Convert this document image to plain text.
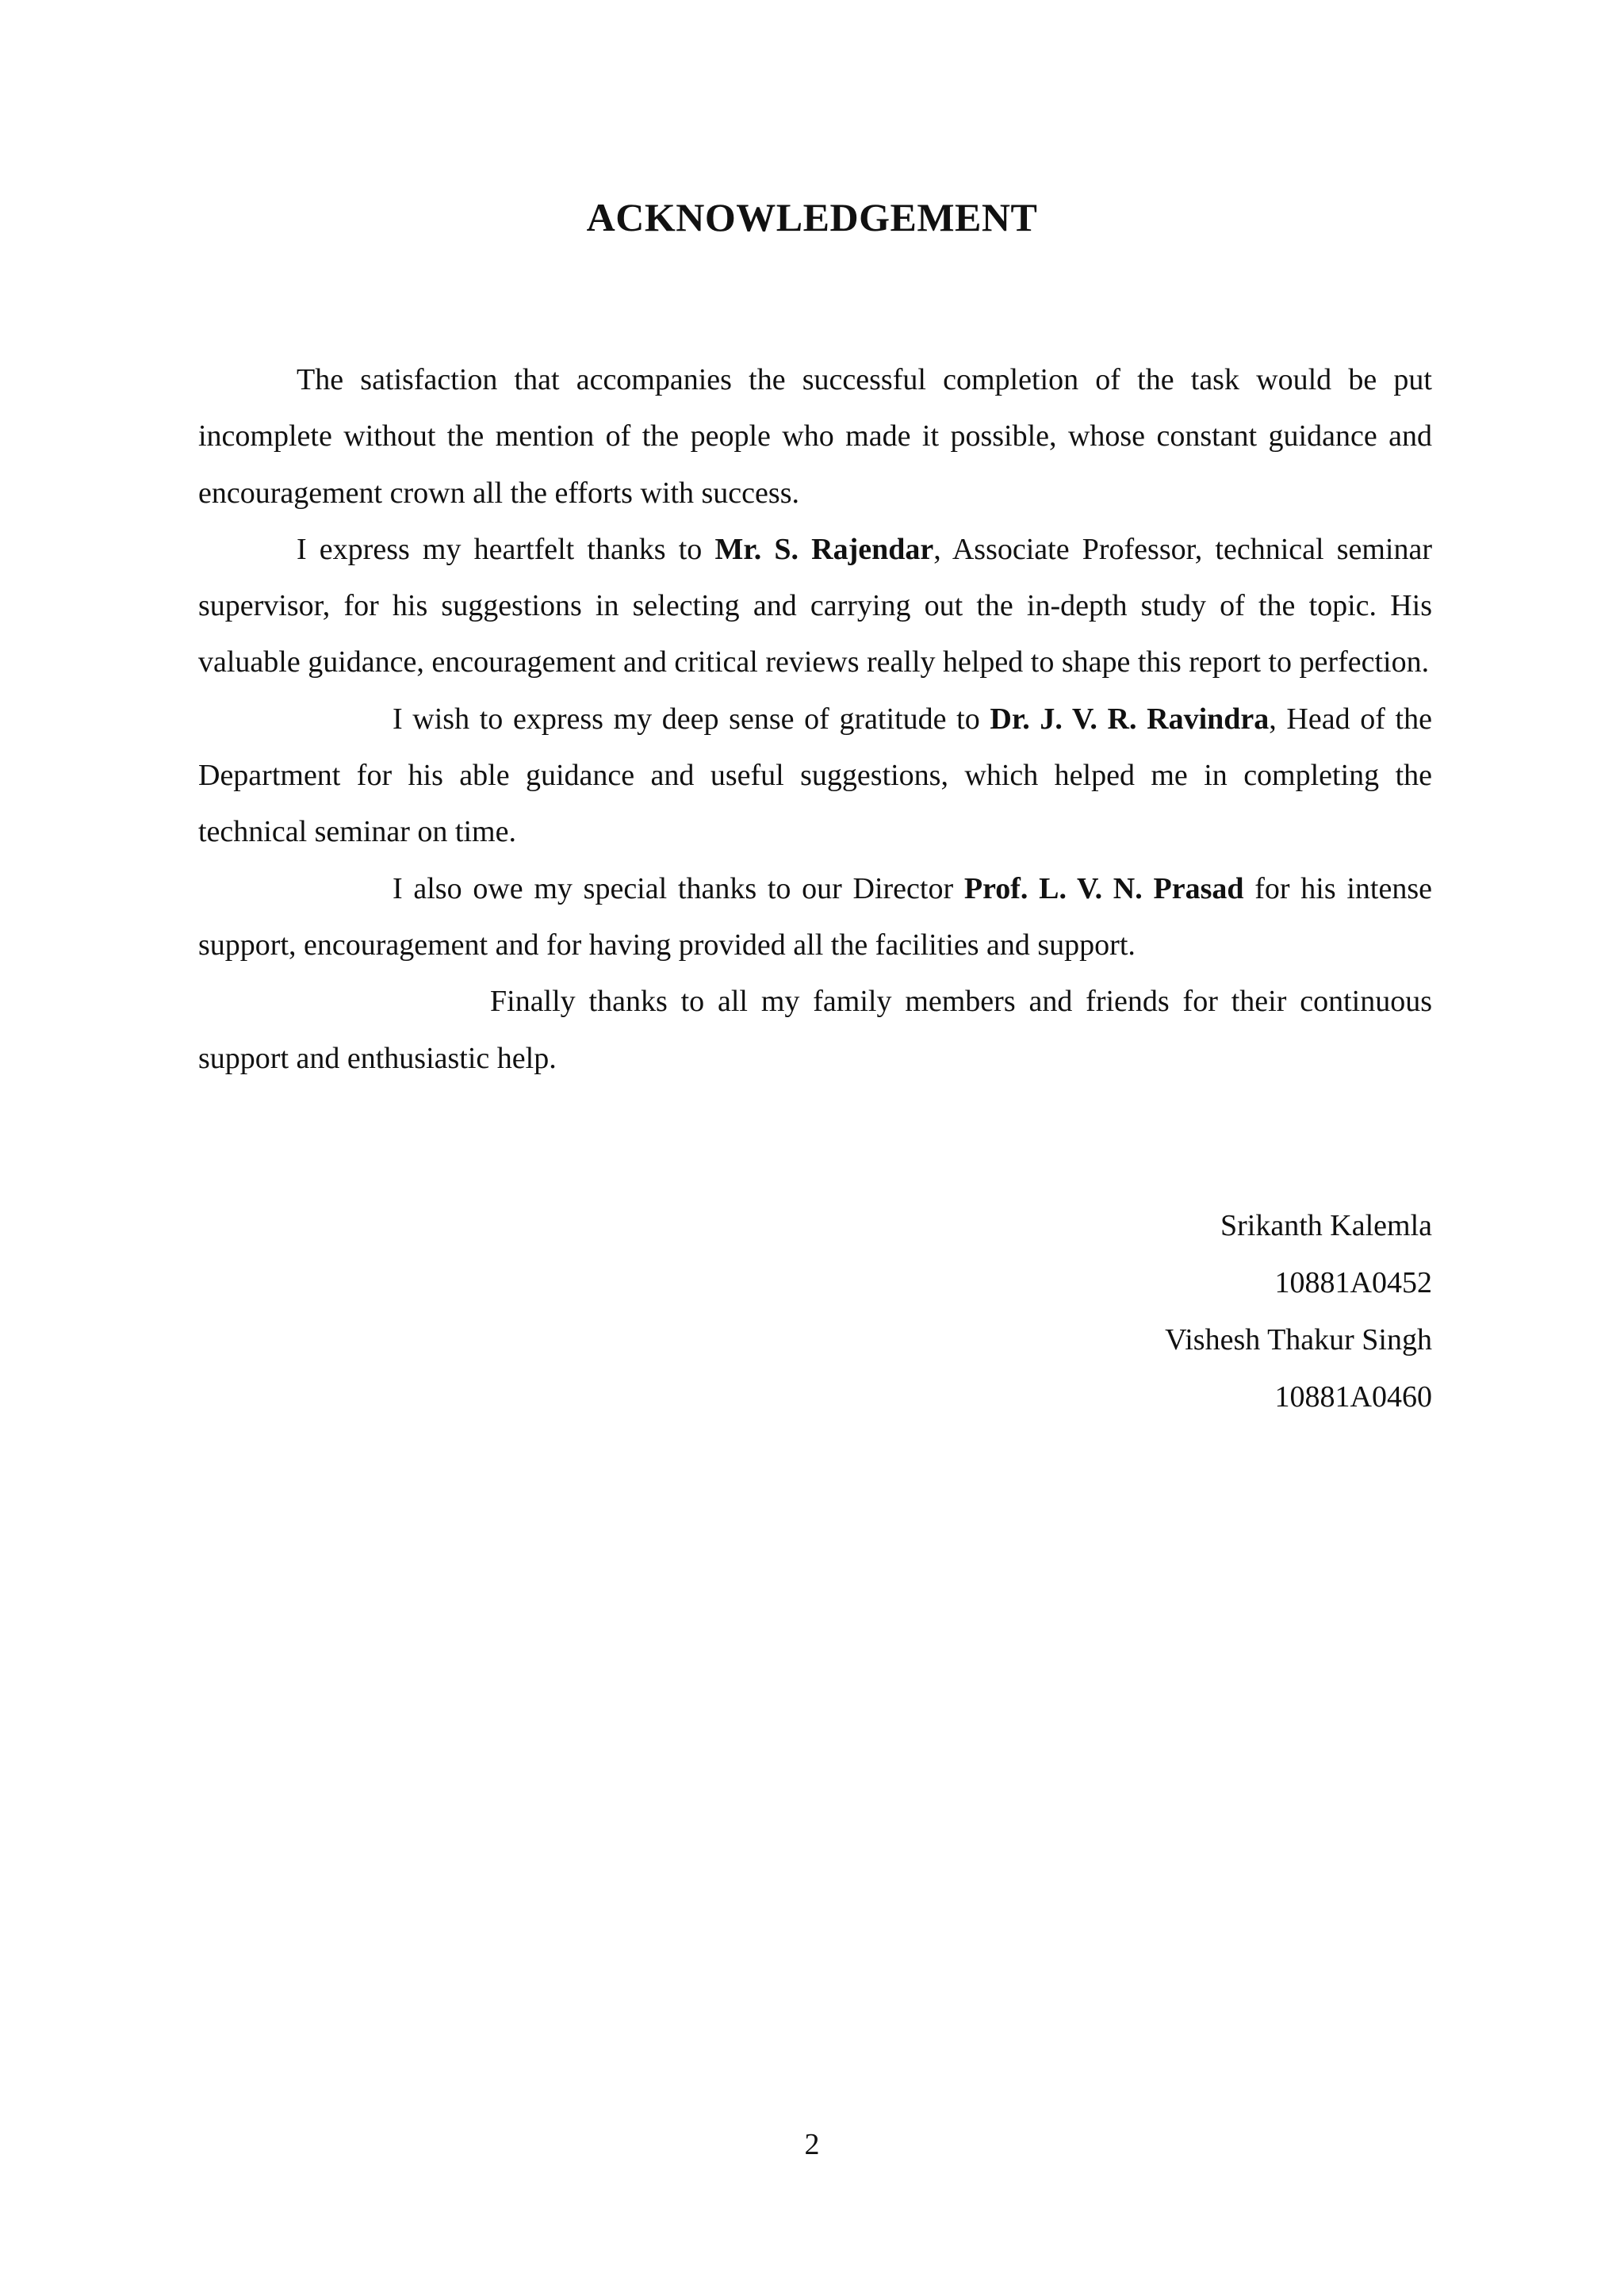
ACKNOWLEDGEMENT

The satisfaction that accompanies the successful completion of the task would be put incomplete without the mention of the people who made it possible, whose constant guidance and encouragement crown all the efforts with success.

I express my heartfelt thanks to Mr. S. Rajendar, Associate Professor, technical seminar supervisor, for his suggestions in selecting and carrying out the in-depth study of the topic. His valuable guidance, encouragement and critical reviews really helped to shape this report to perfection.

I wish to express my deep sense of gratitude to Dr. J. V. R. Ravindra, Head of the Department for his able guidance and useful suggestions, which helped me in completing the technical seminar on time.

I also owe my special thanks to our Director Prof. L. V. N. Prasad for his intense support, encouragement and for having provided all the facilities and support.

Finally thanks to all my family members and friends for their continuous support and enthusiastic help.

Srikanth Kalemla
10881A0452
Vishesh Thakur Singh
10881A0460
2
